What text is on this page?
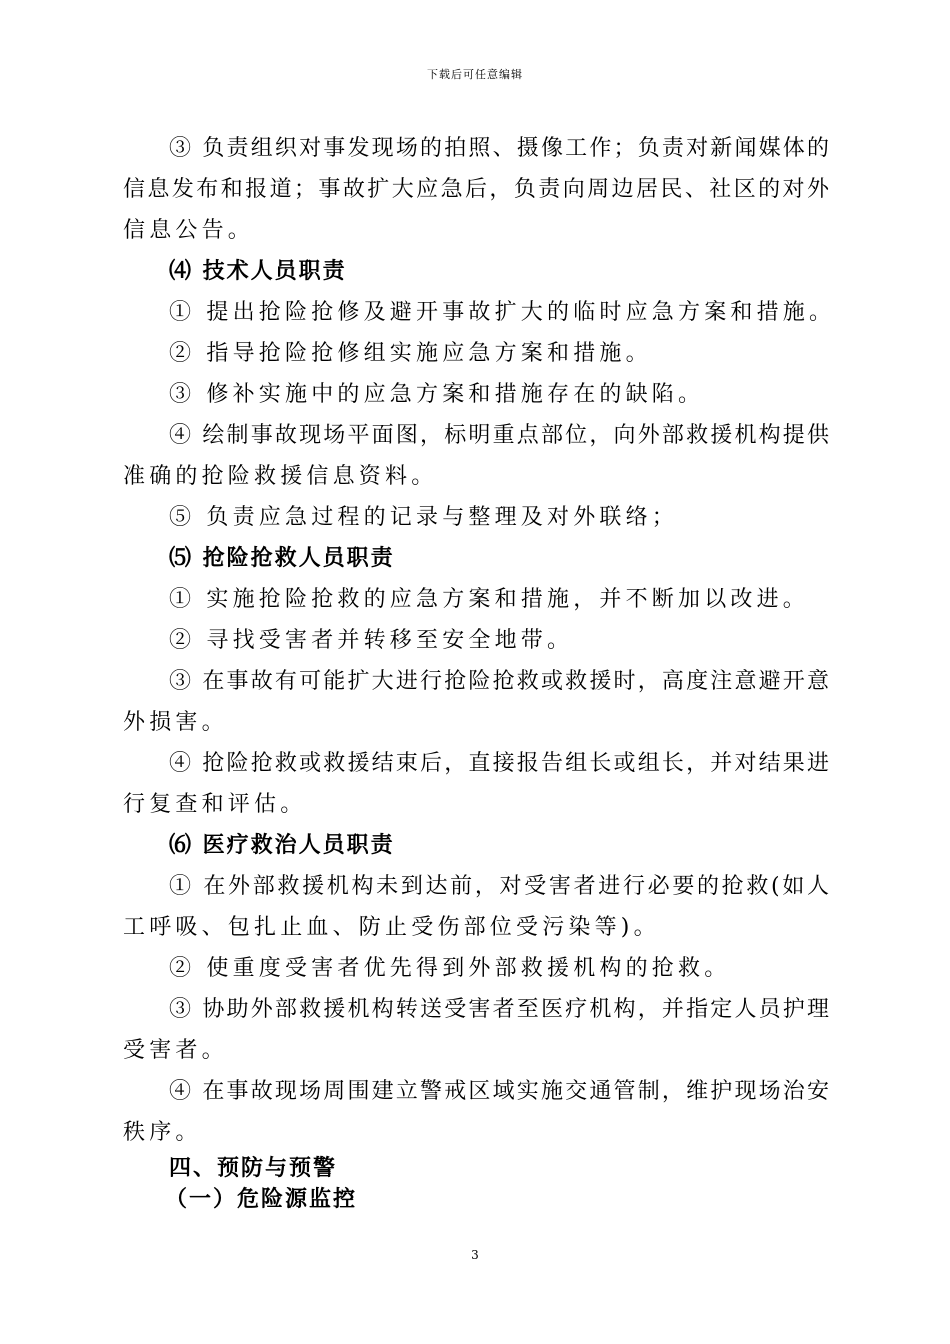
下载后可任意编辑
③ 负责组织对事发现场的拍照、摄像工作；负责对新闻媒体的
信息发布和报道；事故扩大应急后，负责向周边居民、社区的对外
信息公告。
⑷ 技术人员职责
① 提出抢险抢修及避开事故扩大的临时应急方案和措施。
② 指导抢险抢修组实施应急方案和措施。
③ 修补实施中的应急方案和措施存在的缺陷。
④ 绘制事故现场平面图，标明重点部位，向外部救援机构提供
准确的抢险救援信息资料。
⑤ 负责应急过程的记录与整理及对外联络；
⑸ 抢险抢救人员职责
① 实施抢险抢救的应急方案和措施，并不断加以改进。
② 寻找受害者并转移至安全地带。
③ 在事故有可能扩大进行抢险抢救或救援时，高度注意避开意
外损害。
④ 抢险抢救或救援结束后，直接报告组长或组长，并对结果进
行复查和评估。
⑹ 医疗救治人员职责
① 在外部救援机构未到达前，对受害者进行必要的抢救(如人
工呼吸、包扎止血、防止受伤部位受污染等)。
② 使重度受害者优先得到外部救援机构的抢救。
③ 协助外部救援机构转送受害者至医疗机构，并指定人员护理
受害者。
④ 在事故现场周围建立警戒区域实施交通管制，维护现场治安
秩序。
四、预防与预警
（一）危险源监控
3
